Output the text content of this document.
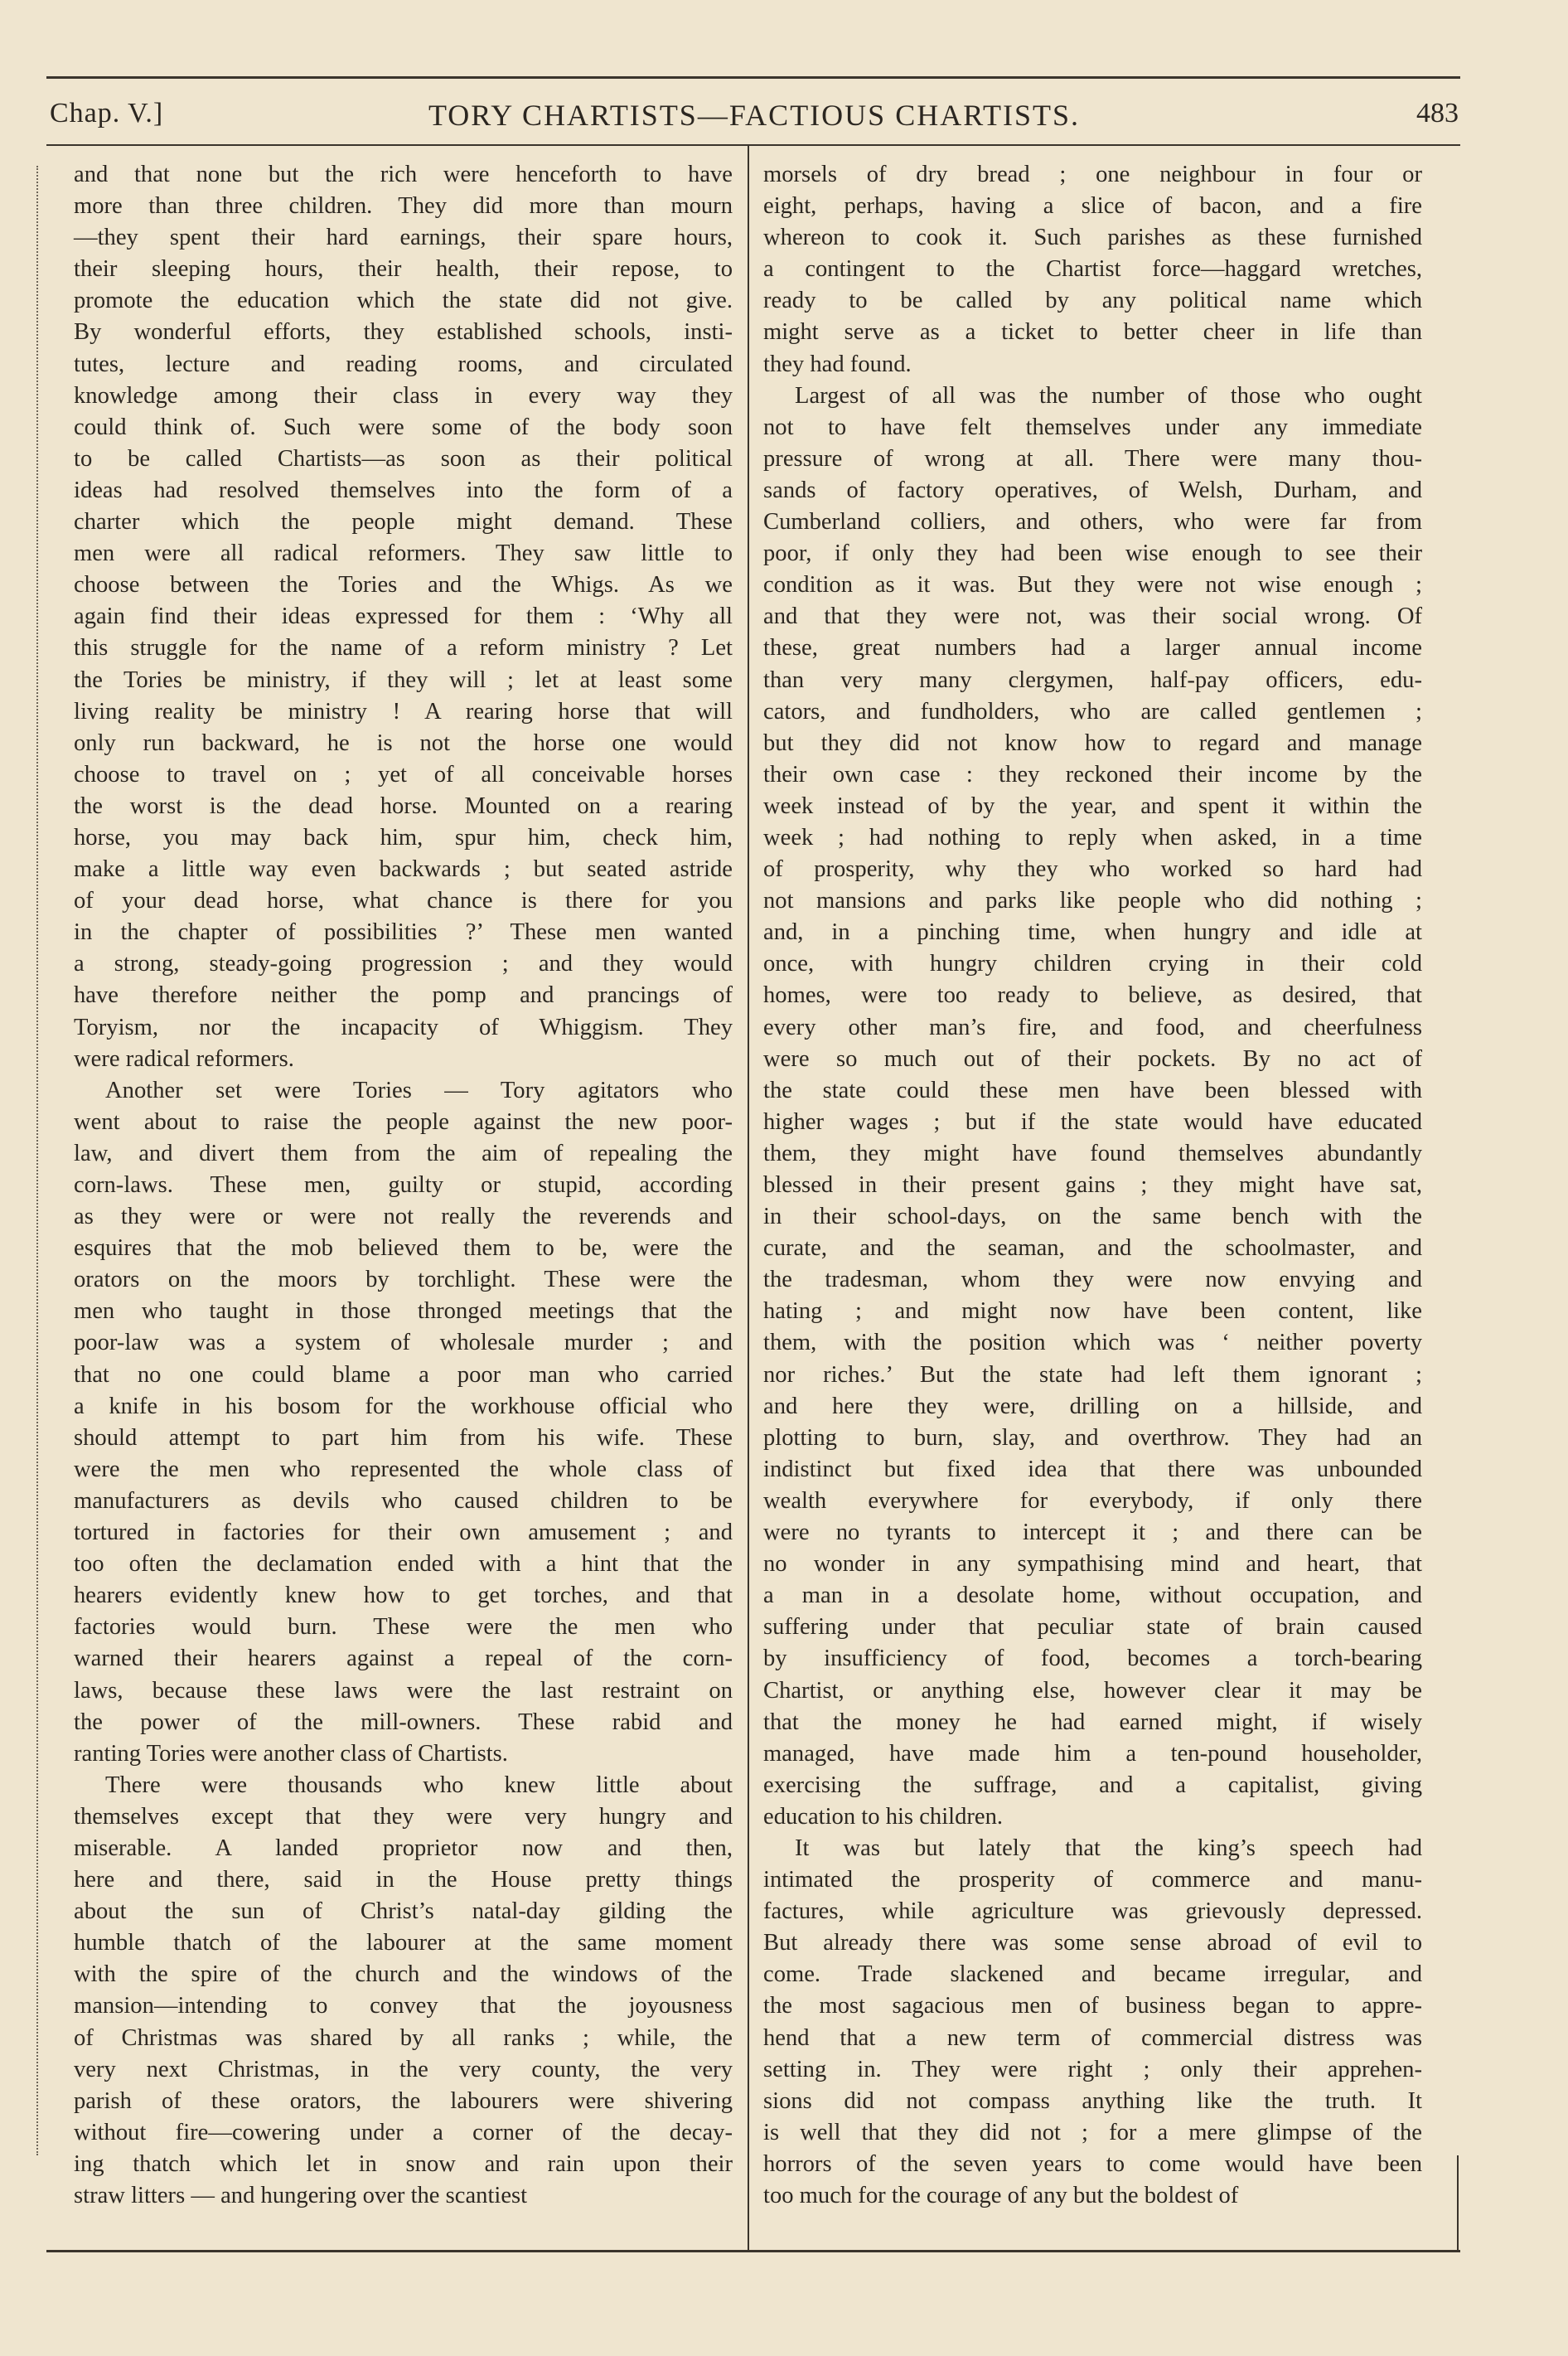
Chap. V.]	TORY CHARTISTS—FACTIOUS CHARTISTS.	483
and that none but the rich were henceforth to have
more than three children. They did more than mourn
—they spent their hard earnings, their spare hours,
their sleeping hours, their health, their repose, to
promote the education which the state did not give.
By wonderful efforts, they established schools, insti-
tutes, lecture and reading rooms, and circulated
knowledge among their class in every way they
could think of. Such were some of the body soon
to be called Chartists—as soon as their political
ideas had resolved themselves into the form of a
charter which the people might demand. These
men were all radical reformers. They saw little to
choose between the Tories and the Whigs. As we
again find their ideas expressed for them : ‘Why all
this struggle for the name of a reform ministry ? Let
the Tories be ministry, if they will ; let at least some
living reality be ministry ! A rearing horse that will
only run backward, he is not the horse one would
choose to travel on ; yet of all conceivable horses
the worst is the dead horse. Mounted on a rearing
horse, you may back him, spur him, check him,
make a little way even backwards ; but seated astride
of your dead horse, what chance is there for you
in the chapter of possibilities ?’ These men wanted
a strong, steady-going progression ; and they would
have therefore neither the pomp and prancings of
Toryism, nor the incapacity of Whiggism. They
were radical reformers.
Another set were Tories — Tory agitators who
went about to raise the people against the new poor-
law, and divert them from the aim of repealing the
corn-laws. These men, guilty or stupid, according
as they were or were not really the reverends and
esquires that the mob believed them to be, were the
orators on the moors by torchlight. These were the
men who taught in those thronged meetings that the
poor-law was a system of wholesale murder ; and
that no one could blame a poor man who carried
a knife in his bosom for the workhouse official who
should attempt to part him from his wife. These
were the men who represented the whole class of
manufacturers as devils who caused children to be
tortured in factories for their own amusement ; and
too often the declamation ended with a hint that the
hearers evidently knew how to get torches, and that
factories would burn. These were the men who
warned their hearers against a repeal of the corn-
laws, because these laws were the last restraint on
the power of the mill-owners. These rabid and
ranting Tories were another class of Chartists.
There were thousands who knew little about
themselves except that they were very hungry and
miserable. A landed proprietor now and then,
here and there, said in the House pretty things
about the sun of Christ’s natal-day gilding the
humble thatch of the labourer at the same moment
with the spire of the church and the windows of the
mansion—intending to convey that the joyousness
of Christmas was shared by all ranks ; while, the
very next Christmas, in the very county, the very
parish of these orators, the labourers were shivering
without fire—cowering under a corner of the decay-
ing thatch which let in snow and rain upon their
straw litters — and hungering over the scantiest
morsels of dry bread ; one neighbour in four or
eight, perhaps, having a slice of bacon, and a fire
whereon to cook it. Such parishes as these furnished
a contingent to the Chartist force—haggard wretches,
ready to be called by any political name which
might serve as a ticket to better cheer in life than
they had found.
Largest of all was the number of those who ought
not to have felt themselves under any immediate
pressure of wrong at all. There were many thou-
sands of factory operatives, of Welsh, Durham, and
Cumberland colliers, and others, who were far from
poor, if only they had been wise enough to see their
condition as it was. But they were not wise enough ;
and that they were not, was their social wrong. Of
these, great numbers had a larger annual income
than very many clergymen, half-pay officers, edu-
cators, and fundholders, who are called gentlemen ;
but they did not know how to regard and manage
their own case : they reckoned their income by the
week instead of by the year, and spent it within the
week ; had nothing to reply when asked, in a time
of prosperity, why they who worked so hard had
not mansions and parks like people who did nothing ;
and, in a pinching time, when hungry and idle at
once, with hungry children crying in their cold
homes, were too ready to believe, as desired, that
every other man’s fire, and food, and cheerfulness
were so much out of their pockets. By no act of
the state could these men have been blessed with
higher wages ; but if the state would have educated
them, they might have found themselves abundantly
blessed in their present gains ; they might have sat,
in their school-days, on the same bench with the
curate, and the seaman, and the schoolmaster, and
the tradesman, whom they were now envying and
hating ; and might now have been content, like
them, with the position which was ‘ neither poverty
nor riches.’ But the state had left them ignorant ;
and here they were, drilling on a hillside, and
plotting to burn, slay, and overthrow. They had an
indistinct but fixed idea that there was unbounded
wealth everywhere for everybody, if only there
were no tyrants to intercept it ; and there can be
no wonder in any sympathising mind and heart, that
a man in a desolate home, without occupation, and
suffering under that peculiar state of brain caused
by insufficiency of food, becomes a torch-bearing
Chartist, or anything else, however clear it may be
that the money he had earned might, if wisely
managed, have made him a ten-pound householder,
exercising the suffrage, and a capitalist, giving
education to his children.
It was but lately that the king’s speech had
intimated the prosperity of commerce and manu-
factures, while agriculture was grievously depressed.
But already there was some sense abroad of evil to
come. Trade slackened and became irregular, and
the most sagacious men of business began to appre-
hend that a new term of commercial distress was
setting in. They were right ; only their apprehen-
sions did not compass anything like the truth. It
is well that they did not ; for a mere glimpse of the
horrors of the seven years to come would have been
too much for the courage of any but the boldest of
